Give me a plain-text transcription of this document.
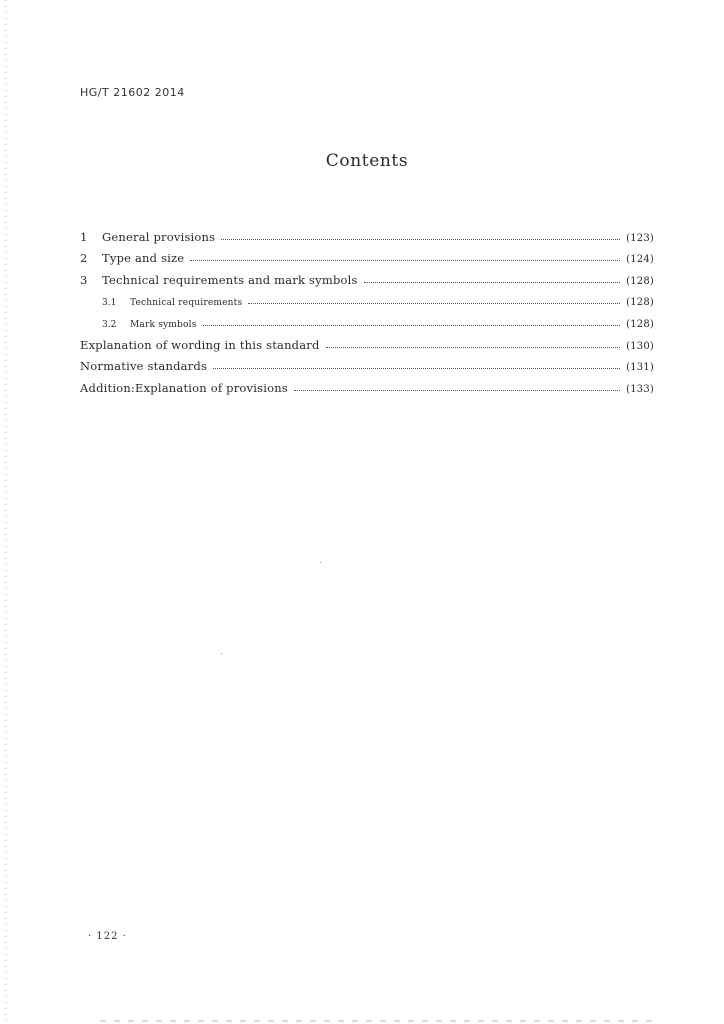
HG/T 21602 2014
Contents
1	General provisions	(123)
2	Type and size	(124)
3	Technical requirements and mark symbols	(128)
3.1	Technical requirements	(128)
3.2	Mark symbols	(128)
Explanation of wording in this standard	(130)
Normative standards	(131)
Addition:Explanation of provisions	(133)
· 122 ·
